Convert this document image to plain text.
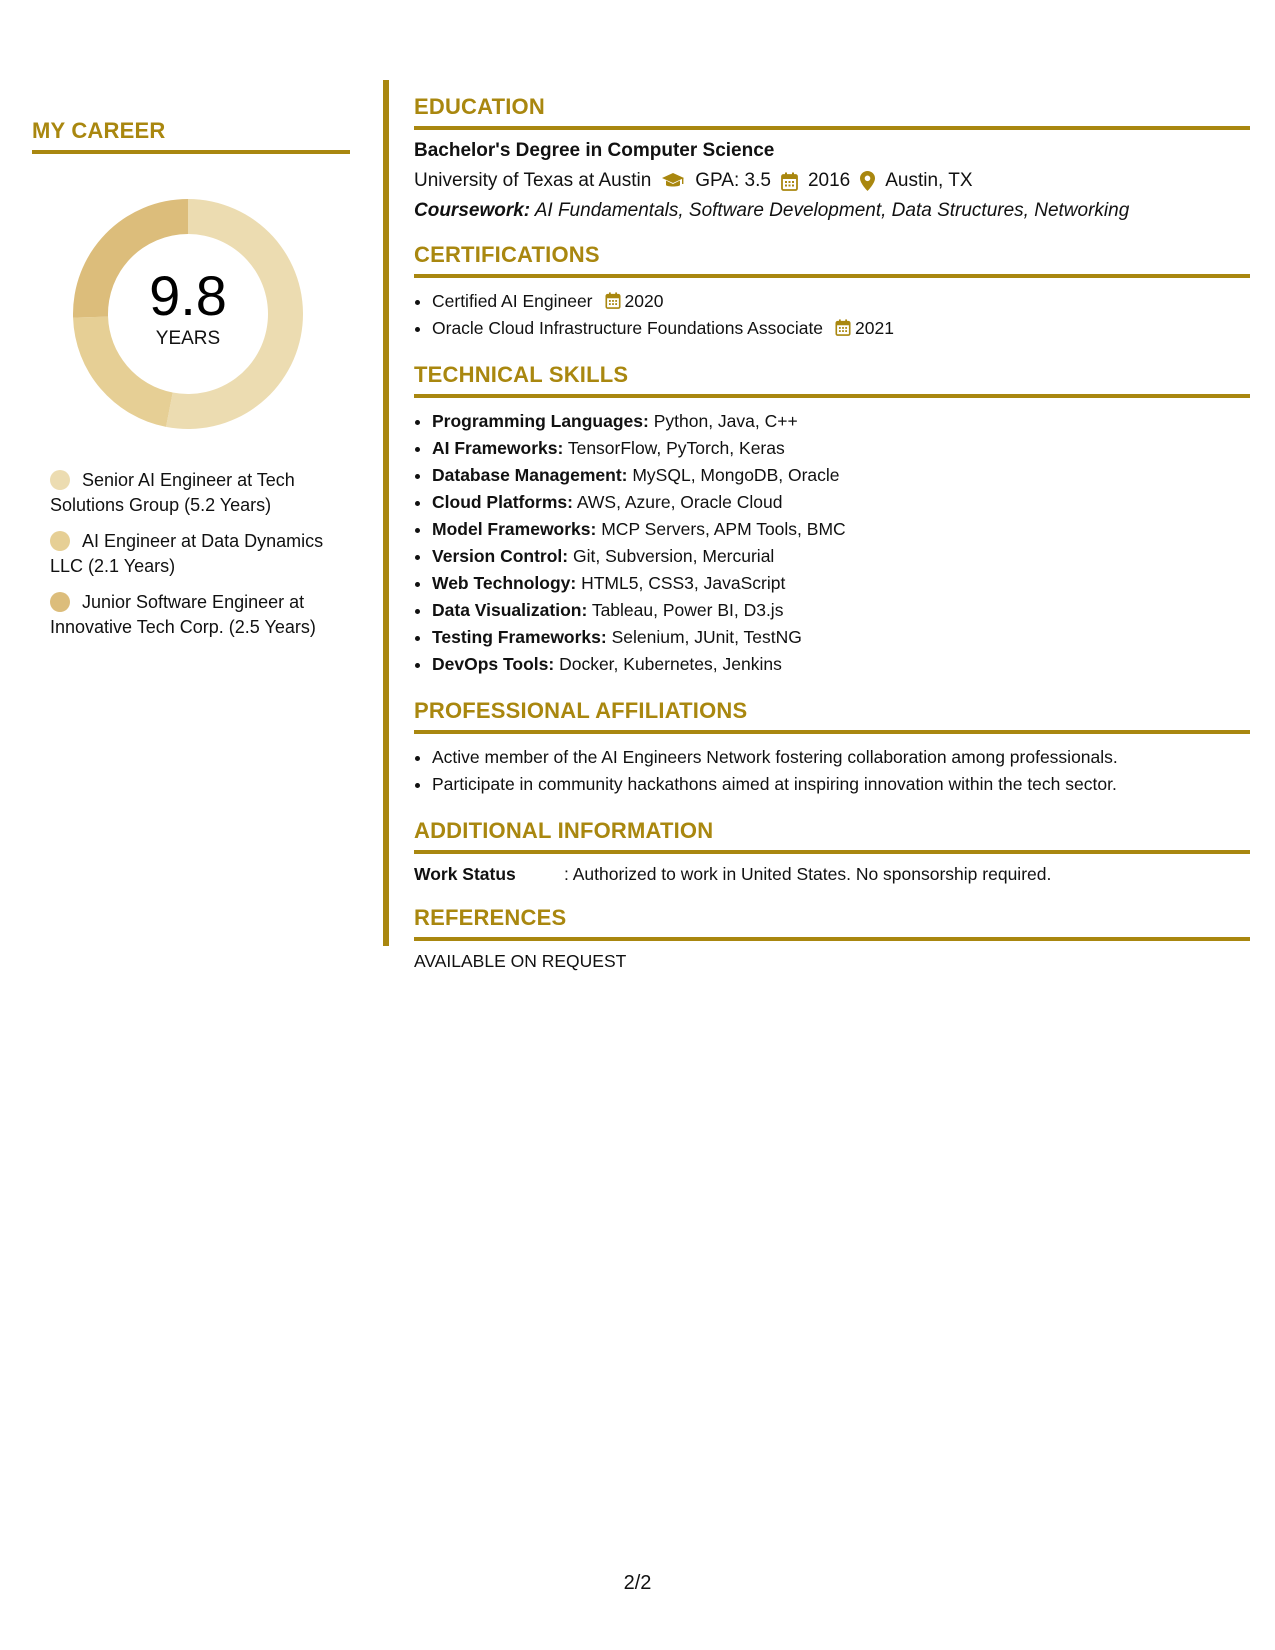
MY CAREER
9.8
YEARS
Senior AI Engineer at Tech Solutions Group (5.2 Years)
AI Engineer at Data Dynamics LLC (2.1 Years)
Junior Software Engineer at Innovative Tech Corp. (2.5 Years)
EDUCATION
Bachelor's Degree in Computer Science
University of Texas at Austin GPA: 3.5 2016 Austin, TX
Coursework: AI Fundamentals, Software Development, Data Structures, Networking
CERTIFICATIONS
• Certified AI Engineer 2020
• Oracle Cloud Infrastructure Foundations Associate 2021
TECHNICAL SKILLS
• Programming Languages: Python, Java, C++
• AI Frameworks: TensorFlow, PyTorch, Keras
• Database Management: MySQL, MongoDB, Oracle
• Cloud Platforms: AWS, Azure, Oracle Cloud
• Model Frameworks: MCP Servers, APM Tools, BMC
• Version Control: Git, Subversion, Mercurial
• Web Technology: HTML5, CSS3, JavaScript
• Data Visualization: Tableau, Power BI, D3.js
• Testing Frameworks: Selenium, JUnit, TestNG
• DevOps Tools: Docker, Kubernetes, Jenkins
PROFESSIONAL AFFILIATIONS
• Active member of the AI Engineers Network fostering collaboration among professionals.
• Participate in community hackathons aimed at inspiring innovation within the tech sector.
ADDITIONAL INFORMATION
Work Status	: Authorized to work in United States. No sponsorship required.
REFERENCES
AVAILABLE ON REQUEST
2/2
